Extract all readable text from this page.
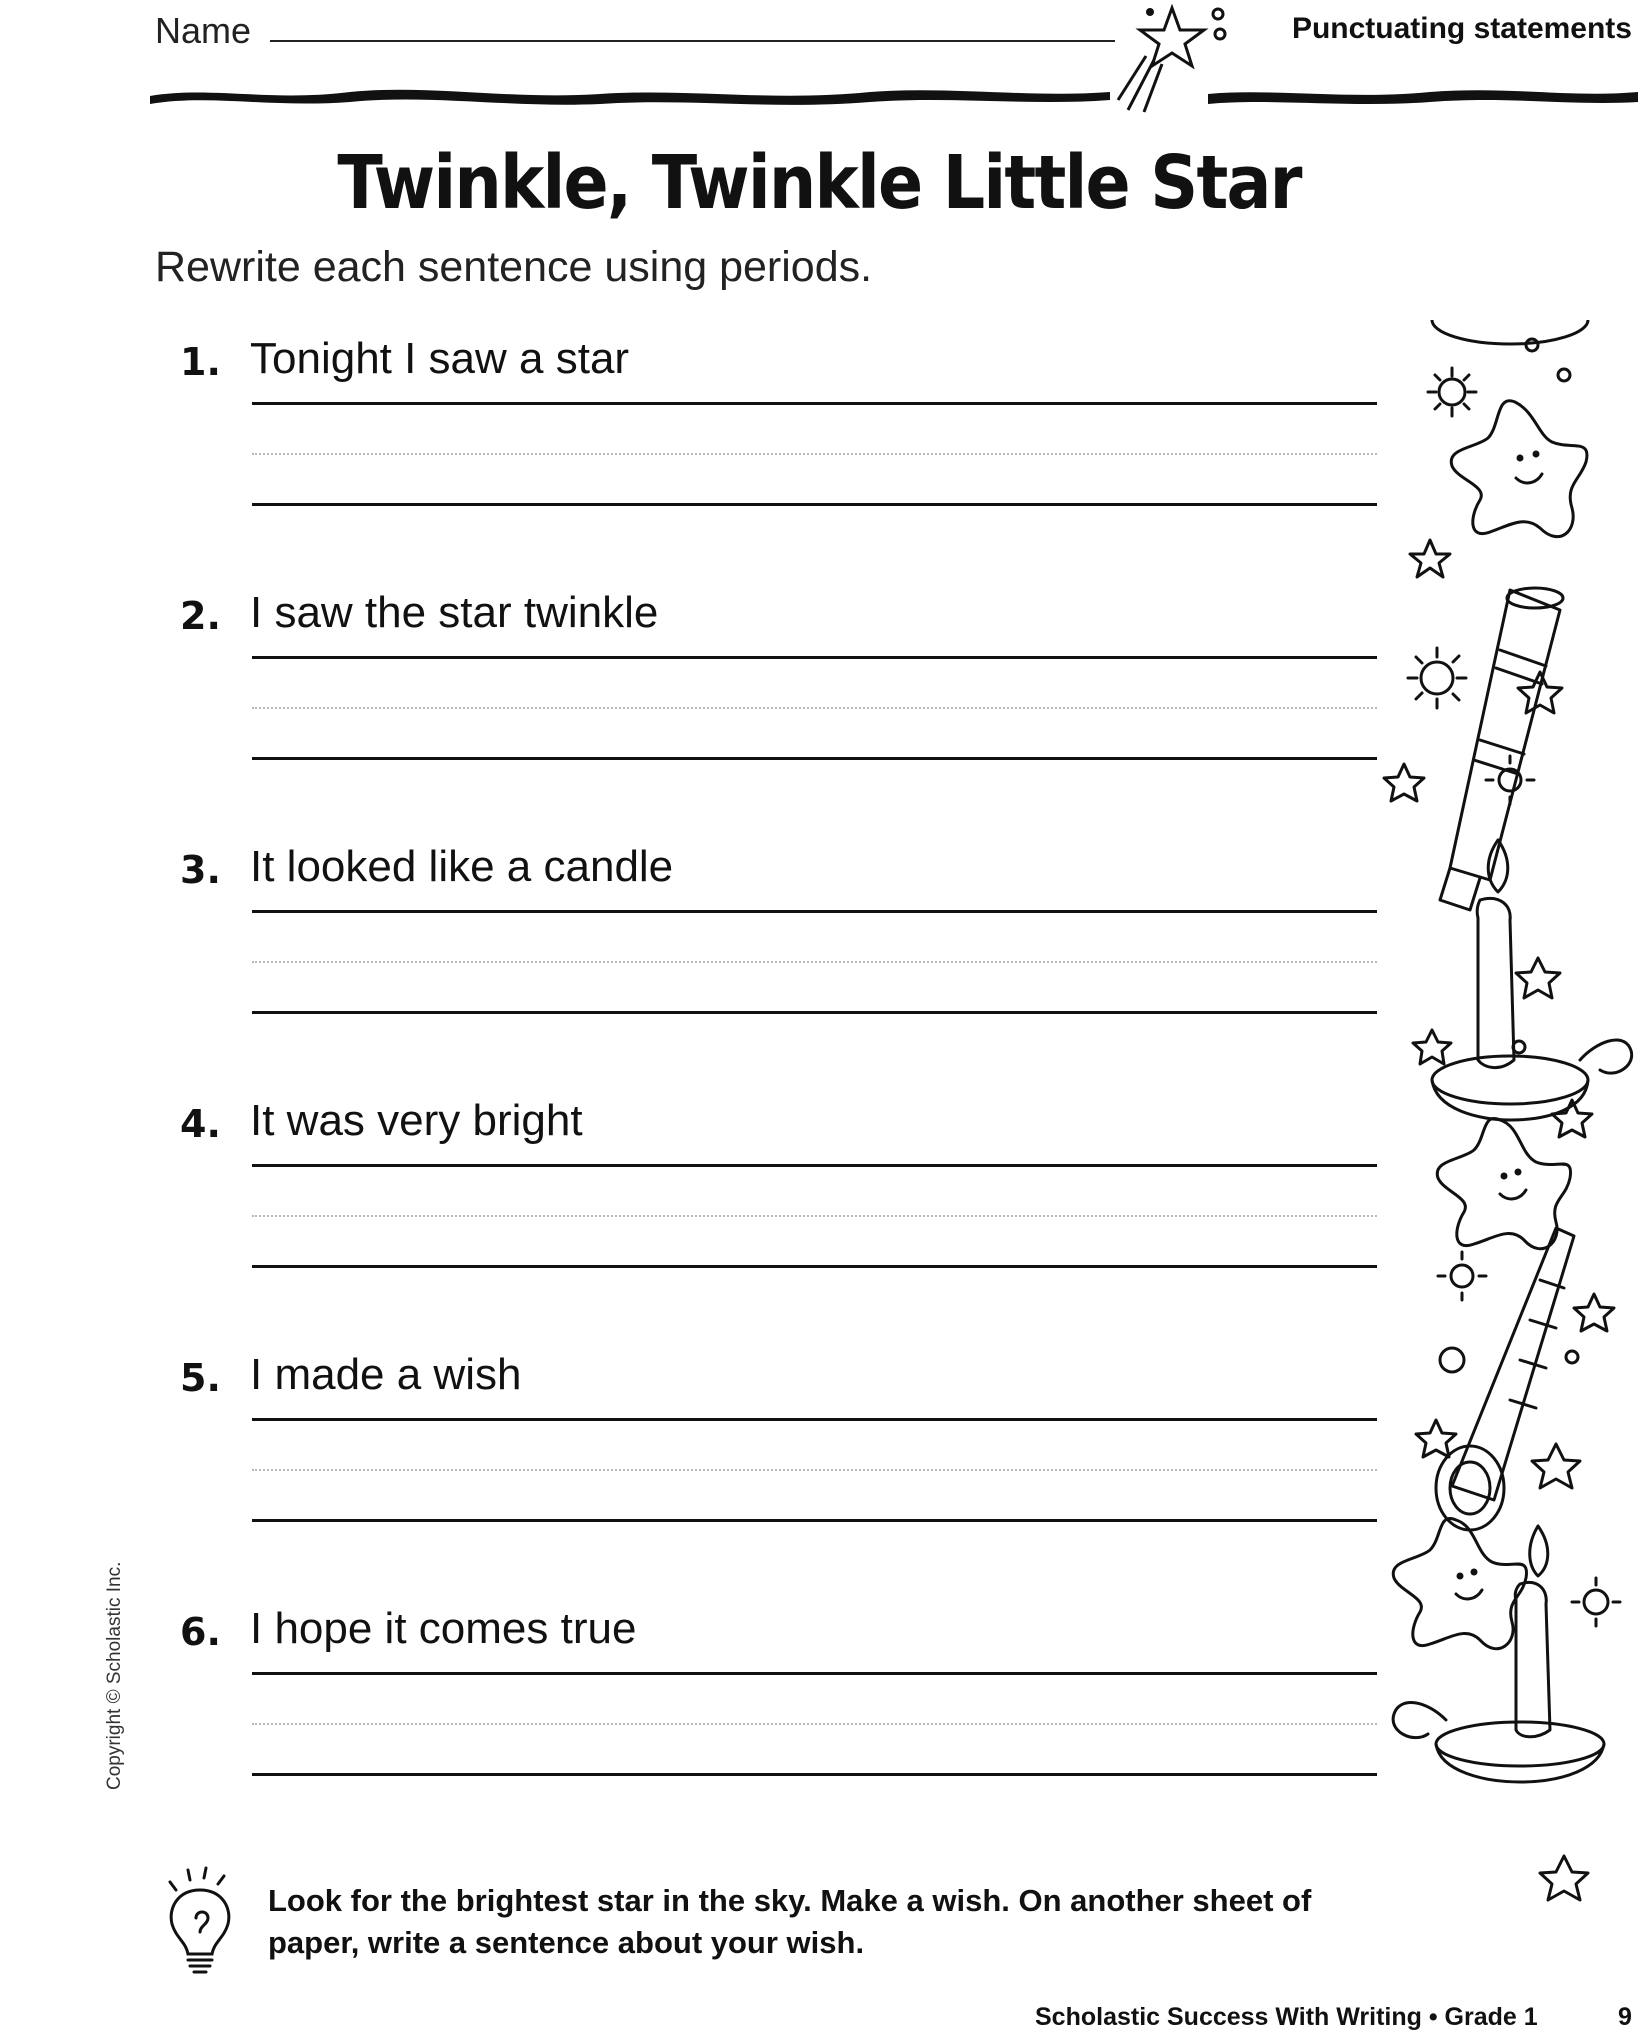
Name	Punctuating statements
Twinkle, Twinkle Little Star
Rewrite each sentence using periods.
1. Tonight I saw a star
2. I saw the star twinkle
3. It looked like a candle
4. It was very bright
5. I made a wish
6. I hope it comes true
Copyright © Scholastic Inc.
Look for the brightest star in the sky. Make a wish. On another sheet of paper, write a sentence about your wish.
Scholastic Success With Writing • Grade 1	9
